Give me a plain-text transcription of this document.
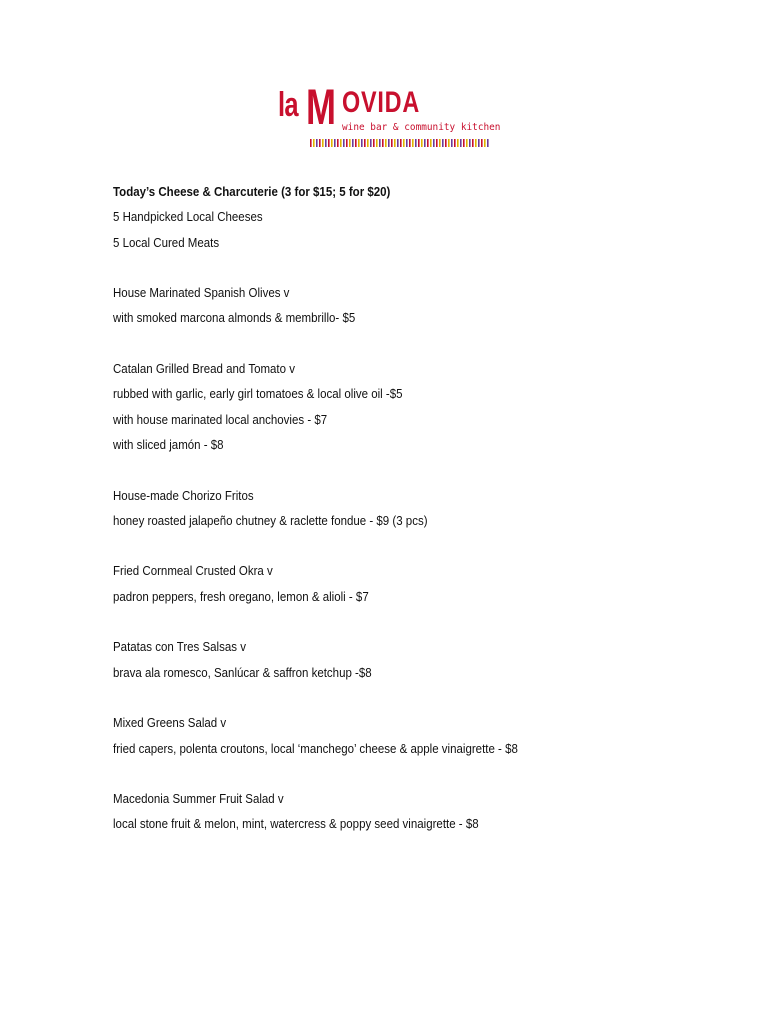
la M OVIDA
wine bar & community kitchen
Today’s Cheese & Charcuterie (3 for $15; 5 for $20)
5 Handpicked Local Cheeses
5 Local Cured Meats
House Marinated Spanish Olives v
with smoked marcona almonds & membrillo- $5
Catalan Grilled Bread and Tomato v
rubbed with garlic, early girl tomatoes & local olive oil -$5
with house marinated local anchovies - $7
with sliced jamón - $8
House-made Chorizo Fritos
honey roasted jalapeño chutney & raclette fondue - $9 (3 pcs)
Fried Cornmeal Crusted Okra v
padron peppers, fresh oregano, lemon & alioli - $7
Patatas con Tres Salsas v
brava ala romesco, Sanlúcar & saffron ketchup -$8
Mixed Greens Salad v
fried capers, polenta croutons, local ‘manchego’ cheese & apple vinaigrette - $8
Macedonia Summer Fruit Salad v
local stone fruit & melon, mint, watercress & poppy seed vinaigrette - $8
